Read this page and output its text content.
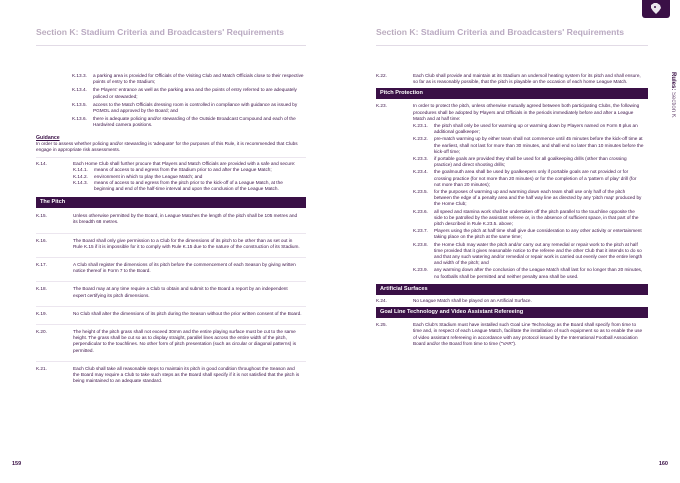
Section K: Stadium Criteria and Broadcasters' Requirements
K.13.3.	a parking area is provided for Officials of the Visiting Club and Match Officials close to their respective points of entry to the Stadium;
K.13.4.	the Players' entrance as well as the parking area and the points of entry referred to are adequately policed or stewarded;
K.13.5.	access to the Match Officials dressing room is controlled in compliance with guidance as issued by PGMOL and approved by the Board; and
K.13.6.	there is adequate policing and/or stewarding of the Outside Broadcast Compound and each of the Hardwired camera positions.
Guidance
In order to assess whether policing and/or stewarding is 'adequate' for the purposes of this Rule, it is recommended that Clubs engage in appropriate risk assessments.
K.14.	Each Home Club shall further procure that Players and Match Officials are provided with a safe and secure:
K.14.1.	means of access to and egress from the Stadium prior to and after the League Match;
K.14.2.	environment in which to play the League Match; and
K.14.3.	means of access to and egress from the pitch prior to the kick-off of a League Match, at the beginning and end of the half-time interval and upon the conclusion of the League Match.
The Pitch
K.15.	Unless otherwise permitted by the Board, in League Matches the length of the pitch shall be 105 metres and its breadth 68 metres.
K.16.	The Board shall only give permission to a Club for the dimensions of its pitch to be other than as set out in Rule K.15 if it is impossible for it to comply with Rule K.15 due to the nature of the construction of its Stadium.
K.17.	A Club shall register the dimensions of its pitch before the commencement of each Season by giving written notice thereof in Form 7 to the Board.
K.18.	The Board may at any time require a Club to obtain and submit to the Board a report by an independent expert certifying its pitch dimensions.
K.19.	No Club shall alter the dimensions of its pitch during the Season without the prior written consent of the Board.
K.20.	The height of the pitch grass shall not exceed 30mm and the entire playing surface must be cut to the same height. The grass shall be cut so as to display straight, parallel lines across the entire width of the pitch, perpendicular to the touchlines. No other form of pitch presentation (such as circular or diagonal patterns) is permitted.
K.21.	Each Club shall take all reasonable steps to maintain its pitch in good condition throughout the Season and the Board may require a Club to take such steps as the Board shall specify if it is not satisfied that the pitch is being maintained to an adequate standard.
159
Section K: Stadium Criteria and Broadcasters' Requirements
Rules: Section K
K.22.	Each Club shall provide and maintain at its Stadium an undersoil heating system for its pitch and shall ensure, so far as is reasonably possible, that the pitch is playable on the occasion of each home League Match.
Pitch Protection
K.23.	In order to protect the pitch, unless otherwise mutually agreed between both participating Clubs, the following procedures shall be adopted by Players and Officials in the periods immediately before and after a League Match and at half time:
K.23.1.	the pitch shall only be used for warming up or warming down by Players named on Form 8 plus an additional goalkeeper;
K.23.2.	pre-match warming up by either team shall not commence until 45 minutes before the kick-off time at the earliest, shall not last for more than 30 minutes, and shall end no later than 10 minutes before the kick-off time;
K.23.3.	if portable goals are provided they shall be used for all goalkeeping drills (other than crossing practice) and direct shooting drills;
K.23.4.	the goalmouth area shall be used by goalkeepers only if portable goals are not provided or for crossing practice (for not more than 20 minutes) or for the completion of a 'pattern of play' drill (for not more than 20 minutes);
K.23.5.	for the purposes of warming up and warming down each team shall use only half of the pitch between the edge of a penalty area and the half way line as directed by any 'pitch map' produced by the Home Club;
K.23.6.	all speed and stamina work shall be undertaken off the pitch parallel to the touchline opposite the side to be patrolled by the assistant referee or, in the absence of sufficient space, in that part of the pitch described in Rule K.23.5. above;
K.23.7.	Players using the pitch at half time shall give due consideration to any other activity or entertainment taking place on the pitch at the same time;
K.23.8.	the Home Club may water the pitch and/or carry out any remedial or repair work to the pitch at half time provided that it gives reasonable notice to the referee and the other Club that it intends to do so and that any such watering and/or remedial or repair work is carried out evenly over the entire length and width of the pitch; and
K.23.9.	any warming down after the conclusion of the League Match shall last for no longer than 20 minutes, no footballs shall be permitted and neither penalty area shall be used.
Artificial Surfaces
K.24.	No League Match shall be played on an Artificial Surface.
Goal Line Technology and Video Assistant Refereeing
K.25.	Each Club's Stadium must have installed such Goal Line Technology as the Board shall specify from time to time and, in respect of each League Match, facilitate the installation of such equipment so as to enable the use of video assistant refereeing in accordance with any protocol issued by the International Football Association Board and/or the Board from time to time ("VAR").
160
